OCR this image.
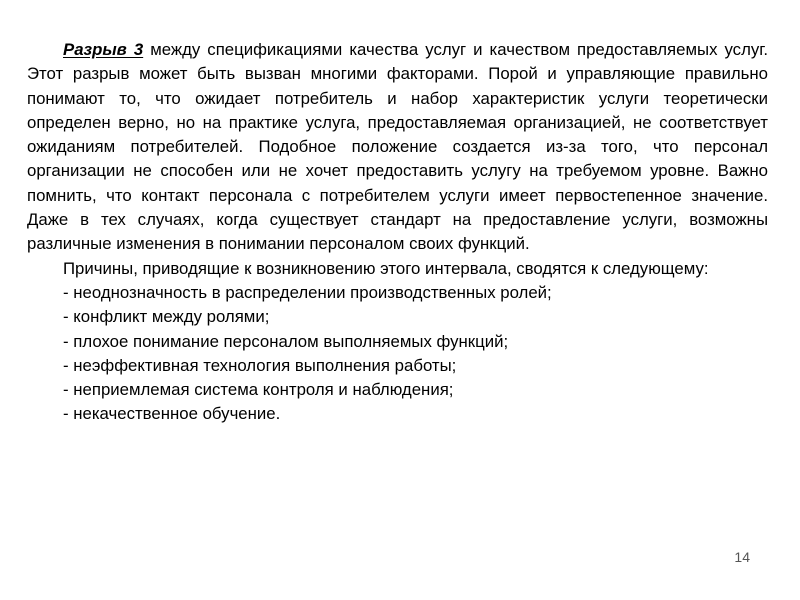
Разрыв 3 между спецификациями качества услуг и качеством предоставляемых услуг. Этот разрыв может быть вызван многими факторами. Порой и управляющие правильно понимают то, что ожидает потребитель и набор характеристик услуги теоретически определен верно, но на практике услуга, предоставляемая организацией, не соответствует ожиданиям потребителей. Подобное положение создается из-за того, что персонал организации не способен или не хочет предоставить услугу на требуемом уровне. Важно помнить, что контакт персонала с потребителем услуги имеет первостепенное значение. Даже в тех случаях, когда существует стандарт на предоставление услуги, возможны различные изменения в понимании персоналом своих функций.

Причины, приводящие к возникновению этого интервала, сводятся к следующему:

- неоднозначность в распределении производственных ролей;
- конфликт между ролями;
- плохое понимание персоналом выполняемых функций;
- неэффективная технология выполнения работы;
- неприемлемая система контроля и наблюдения;
- некачественное обучение.
14
